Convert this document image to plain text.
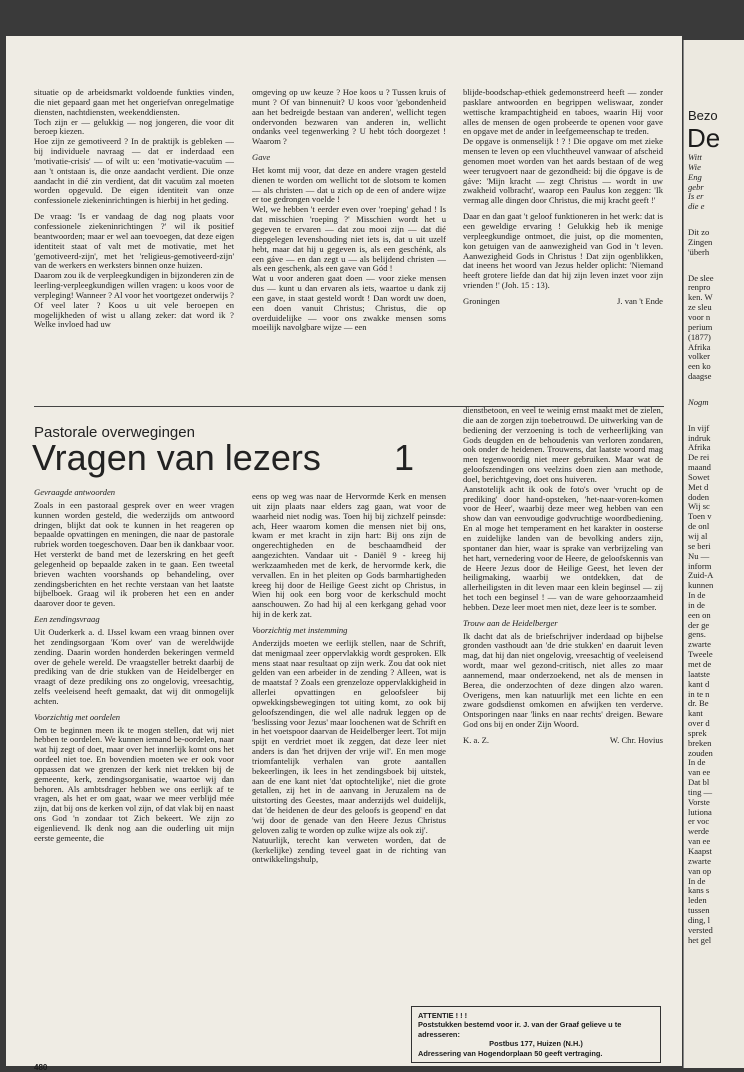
situatie op de arbeidsmarkt voldoende funkties vinden, die niet gepaard gaan met het ongeriefvan onregelmatige diensten, nachtdiensten, weekenddiensten.
Toch zijn er — gelukkig — nog jongeren, die voor dit beroep kiezen.
Hoe zijn ze gemotiveerd ? In de praktijk is gebleken — bij individuele navraag — dat er inderdaad een 'motivatie-crisis' — of wilt u: een 'motivatie-vacuüm — aan 't ontstaan is, die onze aandacht verdient. Die onze aandacht in dié zin verdient, dat dit vacuüm zal moeten worden opgevuld. De eigen identiteit van onze confessionele ziekeninrichtingen is hierbij in het geding.

De vraag: 'Is er vandaag de dag nog plaats voor confessionele ziekeninrichtingen ?' wil ik positief beantwoorden; maar er wel aan toevoegen, dat deze eigen identiteit staat of valt met de motivatie, met het 'gemotiveerd-zijn', met het 'religieus-gemotiveerd-zijn' van de werkers en werksters binnen onze huizen.
Daarom zou ik de verpleegkundigen in bijzonderen zin de leerling-verpleegkundigen willen vragen: u koos voor de verpleging! Wanneer ? Al voor het voortgezet onderwijs ? Of veel later ? Koos u uit vele beroepen en mogelijkheden of wist u allang zeker: dat word ik ? Welke invloed had uw

omgeving op uw keuze ? Hoe koos u ? Tussen kruis of munt ? Of van binnenuit? U koos voor 'gebondenheid aan het bedreigde bestaan van anderen', wellicht tegen ondervonden bezwaren van anderen in, wellicht ondanks veel tegenwerking ? U hebt tóch doorgezet ! Waarom ?

Gave

Het komt mij voor, dat deze en andere vragen gesteld dienen te worden om wellicht tot de slotsom te komen — als christen — dat u zich op de een of andere wijze er toe gedrongen voelde !
Wel, we hebben 't eerder even over 'roeping' gehad ! Is dat misschien 'roeping ?' Misschien wordt het u gegeven te ervaren — dat zou mooi zijn — dat dié diepgelegen levenshouding niet iets is, dat u uit uzelf hebt, maar dat hij u gegeven is, als een geschénk, als een gáve — en dan zegt u — als belijdend christen — als een geschenk, als een gave van Gód !
Wat u voor anderen gaat doen — voor zieke mensen dus — kunt u dan ervaren als iets, waartoe u dank zij een gave, in staat gesteld wordt ! Dan wordt uw doen, een doen vanuit Christus; Christus, die op overduidelijke — voor ons zwakke mensen soms moeilijk navolgbare wijze — een

blijde-boodschap-ethiek gedemonstreerd heeft — zonder pasklare antwoorden en begrippen weliswaar, zonder wettische krampachtigheid en taboes, waarin Hij voor alles de mensen de ogen probeerde te openen voor gave en opgave met de ander in leefgemeenschap te treden.
De opgave is onmenselijk ! ? ! Die opgave om met zieke mensen te leven op een vluchtheuvel vanwaar of afscheid genomen moet worden van het aards bestaan of de weg weer terugvoert naar de gezondheid: bij die ópgave is de gáve: 'Mijn kracht — zegt Christus — wordt in uw zwakheid volbracht', waarop een Paulus kon zeggen: 'Ik vermag alle dingen door Christus, die mij kracht geeft !'

Daar en dan gaat 't geloof funktioneren in het werk: dat is een geweldige ervaring ! Gelukkig heb ik menige verpleegkundige ontmoet, die juist, op die momenten, kon getuigen van de aanwezigheid van God in 't leven. Aanwezigheid Gods in Christus ! Dat zijn ogenblikken, dat ineens het woord van Jezus helder oplicht: 'Niemand heeft grotere liefde dan dat hij zijn leven inzet voor zijn vrienden !' (Joh. 15 : 13).

Groningen	J. van 't Ende
Pastorale overwegingen
Vragen van lezers
Gevraagde antwoorden

Zoals in een pastoraal gesprek over en weer vragen kunnen worden gesteld, die wederzijds om antwoord dringen, blijkt dat ook te kunnen in het reageren op bepaalde opvattingen en meningen, die naar de pastorale rubriek worden toegeschoven. Daar ben ik dankbaar voor. Het versterkt de band met de lezerskring en het geeft gelegenheid op bepaalde zaken in te gaan. Een tweetal brieven wachten voorshands op behandeling, over zendingsberichten en het rechte verstaan van het laatste bijbelboek. Graag wil ik proberen het een en ander daarover door te geven.

Een zendingsvraag

Uit Ouderkerk a. d. IJssel kwam een vraag binnen over het zendingsorgaan 'Kom over' van de wereldwijde zending. Daarin worden honderden bekeringen vermeld over de gehele wereld. De vraagsteller betrekt daarbij de prediking van de drie stukken van de Heidelberger en vraagt of deze prediking ons zo ongelovig, vreesachtig, zelfs veeleisend heeft gemaakt, dat wij dit onmogelijk achten.

Voorzichtig met oordelen

Om te beginnen meen ik te mogen stellen, dat wij niet hebben te oordelen. We kunnen iemand be-oordelen, naar wat hij zegt of doet, maar over het innerlijk komt ons het oordeel niet toe. En bovendien moeten we er ook voor oppassen dat we grenzen der kerk niet trekken bij de gemeente, kerk, zendingsorganisatie, waartoe wij dan behoren. Als ambtsdrager hebben we ons eerlijk af te vragen, als het er om gaat, waar we meer verblijd mée zijn, dat bij ons de kerken vol zijn, of dat vlak bij en naast ons God 'n zondaar tot Zich bekeert. We zijn zo eigenlievend. Ik denk nog aan die ouderling uit mijn eerste gemeente, die

eens op weg was naar de Hervormde Kerk en mensen uit zijn plaats naar elders zag gaan, wat voor de waarheid niet nodig was. Toen hij bij zichzelf peinsde: ach, Heer waarom komen die mensen niet bij ons, kwam er met kracht in zijn hart: Bij ons zijn de ongerechtigheden en de beschaamdheid der aangezichten. Vandaar uit - Daniël 9 - kreeg hij werkzaamheden met de kerk, de hervormde kerk, die vervallen. En in het pleiten op Gods barmhartigheden kreeg hij door de Heilige Geest zicht op Christus, in Wien hij ook een borg voor de kerkschuld mocht aanschouwen. Zo had hij al een kerkgang gehad voor hij in de kerk zat.

Voorzichtig met instemming

Anderzijds moeten we eerlijk stellen, naar de Schrift, dat menigmaal zeer oppervlakkig wordt gesproken. Elk mens staat naar resultaat op zijn werk. Zou dat ook niet gelden van een arbeider in de zending ? Alleen, wat is de maatstaf ? Zoals een grenzeloze oppervlakkigheid in allerlei opvattingen en geloofsleer bij opwekkingsbewegingen tot uiting komt, zo ook bij geloofszendingen, die wel alle nadruk leggen op de 'beslissing voor Jezus' maar loochenen wat de Schrift en in het voetspoor daarvan de Heidelberger leert. Tot mijn spijt en verdriet moet ik zeggen, dat deze leer niet anders is dan 'het drijven der vrije wil'. En men moge triomfantelijk verhalen van grote aantallen bekeerlingen, ik lees in het zendingsboek bij uitstek, aan de ene kant niet 'dat optochtelijke', niet die grote getallen, zij het in de aanvang in Jeruzalem na de uitstorting des Geestes, maar anderzijds wel duidelijk, dat 'de heidenen de deur des geloofs is geopend' en dat 'wij door de genade van den Heere Jezus Christus geloven zalig te worden op zulke wijze als ook zij'.
Natuurlijk, terecht kan verweten worden, dat de (kerkelijke) zending teveel gaat in de richting van ontwikkelingshulp,

1

dienstbetoon, en veel te weinig ernst maakt met de zielen, die aan de zorgen zijn toebetrouwd. De uitwerking van de bediening der verzoening is toch de verheerlijking van Gods deugden en de behoudenis van verloren zondaren, ook onder de heidenen. Trouwens, dat laatste woord mag men tegenwoordig niet meer gebruiken. Maar wat de geloofszendingen ons veelzins doen zien aan methode, doel, berichtgeving, doet ons huiveren.
Aanstotelijk acht ik ook de foto's over 'vrucht op de prediking' door hand-opsteken, 'het-naar-voren-komen voor de Heer', waarbij deze meer weg hebben van een show dan van eenvoudige godvruchtige woordbediening. En al moge het temperament en het karakter in oosterse en zuidelijke landen van de bevolking anders zijn, spontaner dan hier, waar is sprake van verbrijzeling van het hart, vernedering voor de Heere, de geloofskennis van de Heere Jezus door de Heilige Geest, het leven der heiligmaking, waarbij we ontdekken, dat de allerheiligsten in dit leven maar een klein beginsel — zij het toch een beginsel ! — van de ware gehoorzaamheid hebben. Deze leer moet men niet, deze leer is te somber.

Trouw aan de Heidelberger

Ik dacht dat als de briefschrijver inderdaad op bijbelse gronden vasthoudt aan 'de drie stukken' en daaruit leven mag, dat hij dan niet ongelovig, vreesachtig of veeleisend wordt, maar wel gezond-critisch, niet alles zo maar aannemend, maar onderzoekend, net als de mensen in Berea, die onderzochten of deze dingen alzo waren. Overigens, men kan natuurlijk met een lichte en een zware godsdienst omkomen en afwijken ten verderve. Ontsporingen naar 'links en naar rechts' dreigen. Beware God ons bij en onder Zijn Woord.

K. a. Z.	W. Chr. Hovius
ATTENTIE ! ! !
Poststukken bestemd voor ir. J. van der Graaf gelieve u te adresseren:
Postbus 177, Huizen (N.H.)
Adressering van Hogendorplaan 50 geeft vertraging.
480
Bezo
De
Witt
Wie
Eng
gebr
Is er
die e
Dit zo
Zingen
'überh
De slee
renpro
ken. W
ze sleu
voor n
perium
(1877)
Afrika
volker
een ko
daagse
Nogm
In vijf
indruk
Afrika
De rei
maand
Sowet
Met d
doden
Wij sc
Toen v
de onl
wij al
se beri
Nu —
inform
Zuid-A
kunnen
In de
in de
een on
der ge
gens.
zwarte
Tweele
met de
laatste
kant d
in te n
dr. Be
kant
over d
sprek
breken
zouden
In de
van ee
Dat bl
ting —
Vorste
lutiona
er voc
werde
van ee
Kaapst
zwarte
van op
In de
kans s
leden
tussen
ding, l
versted
het gel
